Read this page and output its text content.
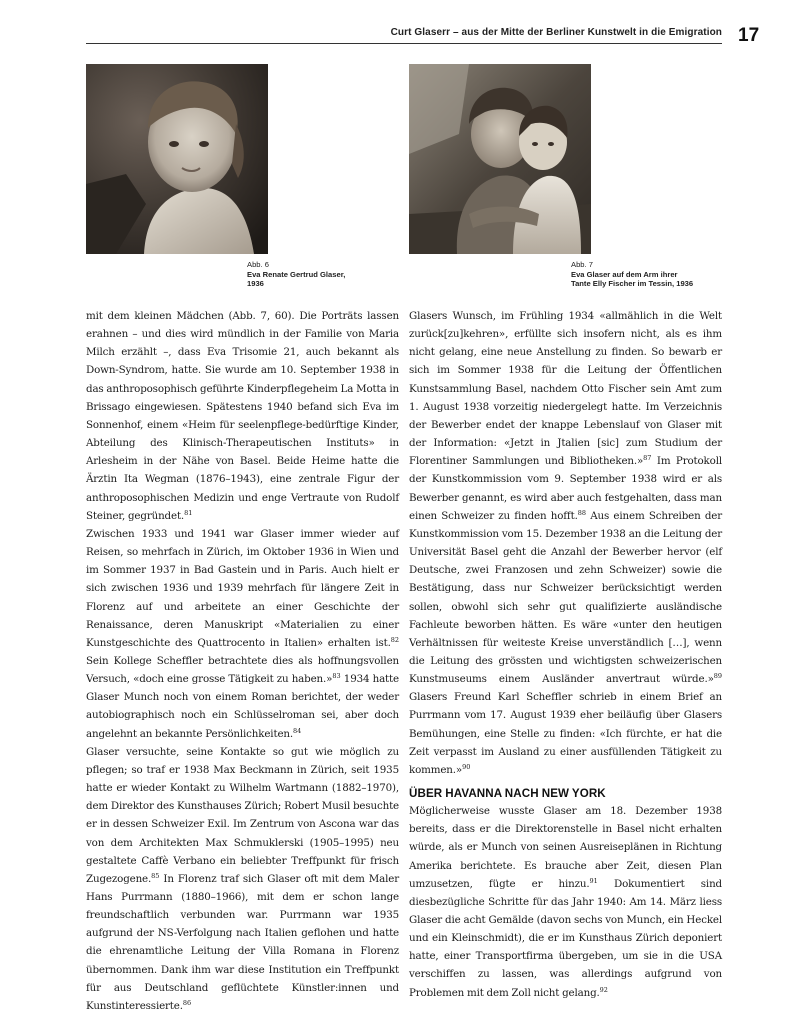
Curt Glaserr – aus der Mitte der Berliner Kunstwelt in die Emigration 17
Abb. 6
Eva Renate Gertrud Glaser,
1936
Abb. 7
Eva Glaser auf dem Arm ihrer
Tante Elly Fischer im Tessin, 1936

mit dem kleinen Mädchen (Abb. 7, 60). Die Porträts lassen erahnen – und dies wird mündlich in der Familie von Maria Milch erzählt –, dass Eva Trisomie 21, auch bekannt als Down-Syndrom, hatte. Sie wurde am 10. September 1938 in das anthroposophisch geführte Kinderpflegeheim La Motta in Brissago eingewiesen. Spätestens 1940 befand sich Eva im Sonnenhof, einem «Heim für seelenpflege-bedürftige Kinder, Abteilung des Klinisch-Therapeutischen Instituts» in Arlesheim in der Nähe von Basel. Beide Heime hatte die Ärztin Ita Wegman (1876–1943), eine zentrale Figur der anthroposophischen Medizin und enge Vertraute von Rudolf Steiner, gegründet.$^{81}$

Zwischen 1933 und 1941 war Glaser immer wieder auf Reisen, so mehrfach in Zürich, im Oktober 1936 in Wien und im Sommer 1937 in Bad Gastein und in Paris. Auch hielt er sich zwischen 1936 und 1939 mehrfach für längere Zeit in Florenz auf und arbeitete an einer Geschichte der Renaissance, deren Manuskript «Materialien zu einer Kunstgeschichte des Quattrocento in Italien» erhalten ist.$^{82}$ Sein Kollege Scheffler betrachtete dies als hoffnungsvollen Versuch, «doch eine grosse Tätigkeit zu haben.»$^{83}$ 1934 hatte Glaser Munch noch von einem Roman berichtet, der weder autobiographisch noch ein Schlüsselroman sei, aber doch angelehnt an bekannte Persönlichkeiten.$^{84}$

Glaser versuchte, seine Kontakte so gut wie möglich zu pflegen; so traf er 1938 Max Beckmann in Zürich, seit 1935 hatte er wieder Kontakt zu Wilhelm Wartmann (1882–1970), dem Direktor des Kunsthauses Zürich; Robert Musil besuchte er in dessen Schweizer Exil. Im Zentrum von Ascona war das von dem Architekten Max Schmuklerski (1905–1995) neu gestaltete Caffè Verbano ein beliebter Treffpunkt für frisch Zugezogene.$^{85}$ In Florenz traf sich Glaser oft mit dem Maler Hans Purrmann (1880–1966), mit dem er schon lange freundschaftlich verbunden war. Purrmann war 1935 aufgrund der NS-Verfolgung nach Italien geflohen und hatte die ehrenamtliche Leitung der Villa Romana in Florenz übernommen. Dank ihm war diese Institution ein Treffpunkt für aus Deutschland geflüchtete Künstler:innen und Kunstinteressierte.$^{86}$

Glasers Wunsch, im Frühling 1934 «allmählich in die Welt zurück[zu]kehren», erfüllte sich insofern nicht, als es ihm nicht gelang, eine neue Anstellung zu finden. So bewarb er sich im Sommer 1938 für die Leitung der Öffentlichen Kunstsammlung Basel, nachdem Otto Fischer sein Amt zum 1. August 1938 vorzeitig niedergelegt hatte. Im Verzeichnis der Bewerber endet der knappe Lebenslauf von Glaser mit der Information: «Jetzt in Jtalien [sic] zum Studium der Florentiner Sammlungen und Bibliotheken.»$^{87}$ Im Protokoll der Kunstkommission vom 9. September 1938 wird er als Bewerber genannt, es wird aber auch festgehalten, dass man einen Schweizer zu finden hofft.$^{88}$ Aus einem Schreiben der Kunstkommission vom 15. Dezember 1938 an die Leitung der Universität Basel geht die Anzahl der Bewerber hervor (elf Deutsche, zwei Franzosen und zehn Schweizer) sowie die Bestätigung, dass nur Schweizer berücksichtigt werden sollen, obwohl sich sehr gut qualifizierte ausländische Fachleute beworben hätten. Es wäre «unter den heutigen Verhältnissen für weiteste Kreise unverständlich […], wenn die Leitung des grössten und wichtigsten schweizerischen Kunstmuseums einem Ausländer anvertraut würde.»$^{89}$ Glasers Freund Karl Scheffler schrieb in einem Brief an Purrmann vom 17. August 1939 eher beiläufig über Glasers Bemühungen, eine Stelle zu finden: «Ich fürchte, er hat die Zeit verpasst im Ausland zu einer ausfüllenden Tätigkeit zu kommen.»$^{90}$

ÜBER HAVANNA NACH NEW YORK

Möglicherweise wusste Glaser am 18. Dezember 1938 bereits, dass er die Direktorenstelle in Basel nicht erhalten würde, als er Munch von seinen Ausreiseplänen in Richtung Amerika berichtete. Es brauche aber Zeit, diesen Plan umzusetzen, fügte er hinzu.$^{91}$ Dokumentiert sind diesbezügliche Schritte für das Jahr 1940: Am 14. März liess Glaser die acht Gemälde (davon sechs von Munch, ein Heckel und ein Kleinschmidt), die er im Kunsthaus Zürich deponiert hatte, einer Transportfirma übergeben, um sie in die USA verschiffen zu lassen, was allerdings aufgrund von Problemen mit dem Zoll nicht gelang.$^{92}$
